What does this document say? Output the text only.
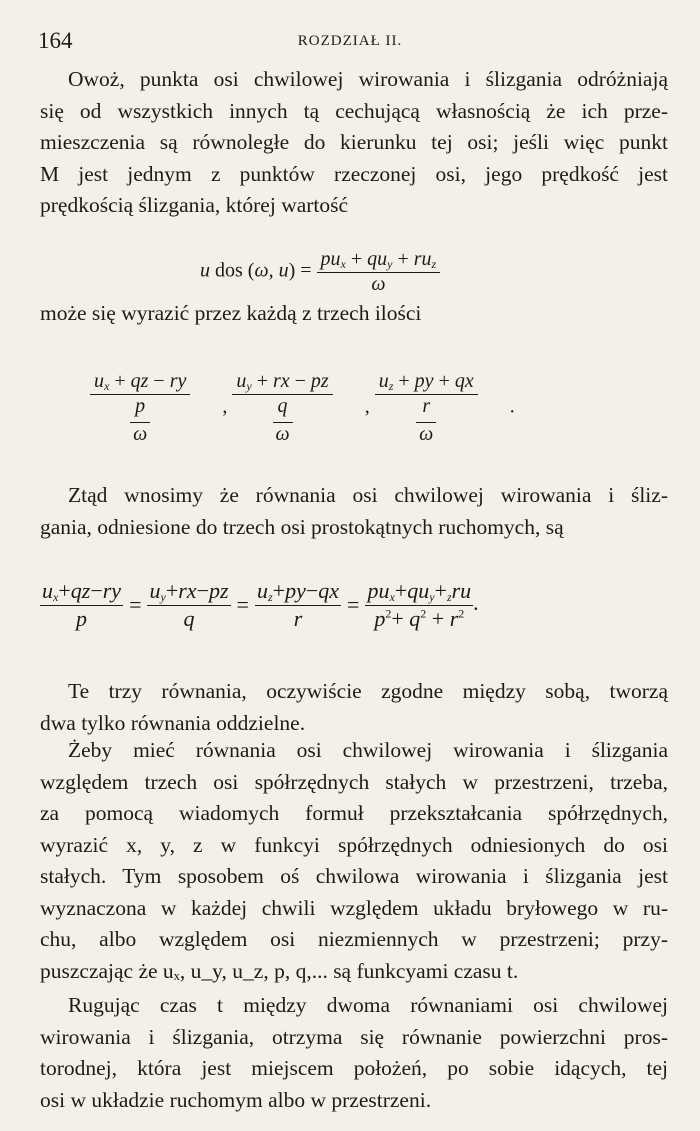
164	ROZDZIAŁ II.
Owoż, punkta osi chwilowej wirowania i ślizgania odróżniają
się od wszystkich innych tą cechującą własnością że ich prze-
mieszczenia są równoległe do kierunku tej osi; jeśli więc punkt
M jest jednym z punktów rzeczonej osi, jego prędkość jest
prędkością ślizgania, której wartość
u dos (ω, $u) = \frac{pu_x + qu_y + ru_z}{\omega}$
może się wyrazić przez każdą z trzech ilości
$\frac{u_x + qz - ry}{\frac{p}{\omega}}$ , $\frac{u_y + rx - pz}{\frac{q}{\omega}}$ , $\frac{u_z + py + qx}{\frac{r}{\omega}}$ .
Ztąd wnosimy że równania osi chwilowej wirowania i śliz-
gania, odniesione do trzech osi prostokątnych ruchomych, są
$\frac{u_x+qz-ry}{p} = \frac{u_y+rx-pz}{q} = \frac{u_z+py-qx}{r} = \frac{pu_x+qu_y+_zru}{p^2+ q^2 + r^2}$ .
Te trzy równania, oczywiście zgodne między sobą, tworzą
dwa tylko równania oddzielne.
Żeby mieć równania osi chwilowej wirowania i ślizgania
względem trzech osi spółrzędnych stałych w przestrzeni, trzeba,
za pomocą wiadomych formuł przekształcania spółrzędnych,
wyrazić x, y, z w funkcyi spółrzędnych odniesionych do osi
stałych. Tym sposobem oś chwilowa wirowania i ślizgania jest
wyznaczona w każdej chwili względem układu bryłowego w ru-
chu, albo względem osi niezmiennych w przestrzeni; przy-
puszczając że uₓ, u_y, u_z, p, q,... są funkcyami czasu t.
Rugując czas t między dwoma równaniami osi chwilowej
wirowania i ślizgania, otrzyma się równanie powierzchni pros-
torodnej, która jest miejscem położeń, po sobie idących, tej
osi w układzie ruchomym albo w przestrzeni.
